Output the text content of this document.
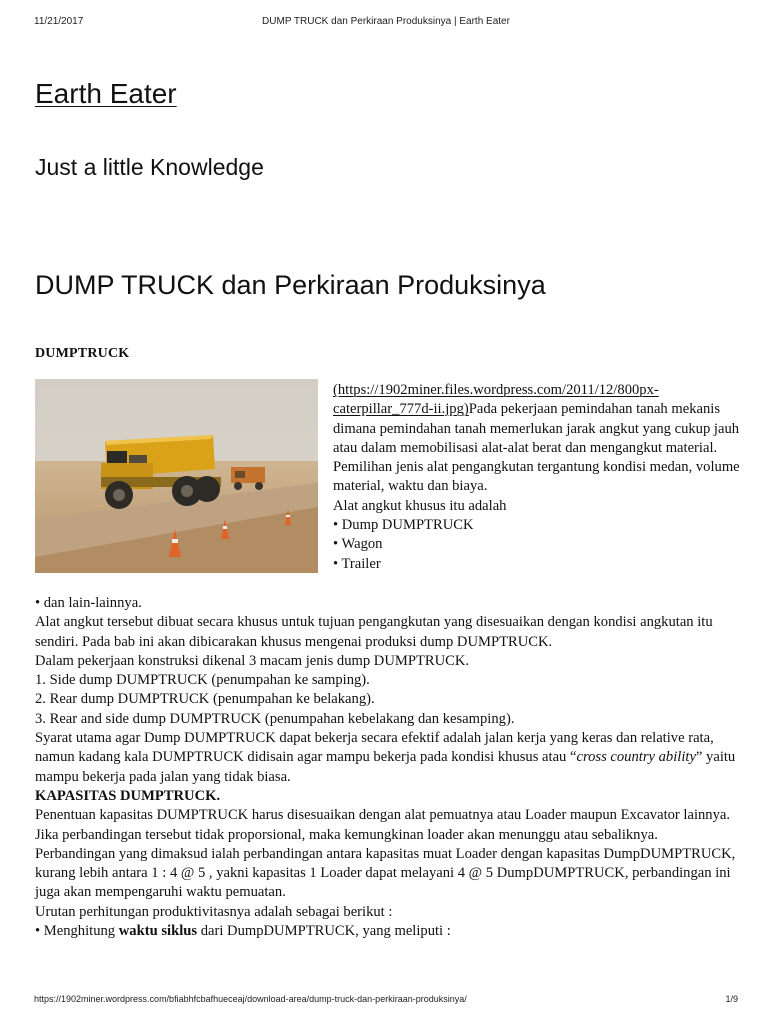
11/21/2017	DUMP TRUCK dan Perkiraan Produksinya | Earth Eater
Earth Eater
Just a little Knowledge
DUMP TRUCK dan Perkiraan Produksinya
DUMPTRUCK

(https://1902miner.files.wordpress.com/2011/12/800px-caterpillar_777d-ii.jpg)Pada pekerjaan pemindahan tanah mekanis dimana pemindahan tanah memerlukan jarak angkut yang cukup jauh atau dalam memobilisasi alat-alat berat dan mengangkut material. Pemilihan jenis alat pengangkutan tergantung kondisi medan, volume material, waktu dan biaya.

Alat angkut khusus itu adalah

• Dump DUMPTRUCK

• Wagon

• Trailer

• dan lain-lainnya.

Alat angkut tersebut dibuat secara khusus untuk tujuan pengangkutan yang disesuaikan dengan kondisi angkutan itu sendiri. Pada bab ini akan dibicarakan khusus mengenai produksi dump DUMPTRUCK.

Dalam pekerjaan konstruksi dikenal 3 macam jenis dump DUMPTRUCK.

1. Side dump DUMPTRUCK (penumpahan ke samping).

2. Rear dump DUMPTRUCK (penumpahan ke belakang).

3. Rear and side dump DUMPTRUCK (penumpahan kebelakang dan kesamping).

Syarat utama agar Dump DUMPTRUCK dapat bekerja secara efektif adalah jalan kerja yang keras dan relative rata, namun kadang kala DUMPTRUCK didisain agar mampu bekerja pada kondisi khusus atau “cross country ability” yaitu mampu bekerja pada jalan yang tidak biasa.

KAPASITAS DUMPTRUCK.

Penentuan kapasitas DUMPTRUCK harus disesuaikan dengan alat pemuatnya atau Loader maupun Excavator lainnya. Jika perbandingan tersebut tidak proporsional, maka kemungkinan loader akan menunggu atau sebaliknya. Perbandingan yang dimaksud ialah perbandingan antara kapasitas muat Loader dengan kapasitas DumpDUMPTRUCK, kurang lebih antara 1 : 4 @ 5 , yakni kapasitas 1 Loader dapat melayani 4 @ 5 DumpDUMPTRUCK, perbandingan ini juga akan mempengaruhi waktu pemuatan.

Urutan perhitungan produktivitasnya adalah sebagai berikut :

• Menghitung waktu siklus dari DumpDUMPTRUCK, yang meliputi :

https://1902miner.wordpress.com/bfiabhfcbafhueceaj/download-area/dump-truck-dan-perkiraan-produksinya/	1/9
